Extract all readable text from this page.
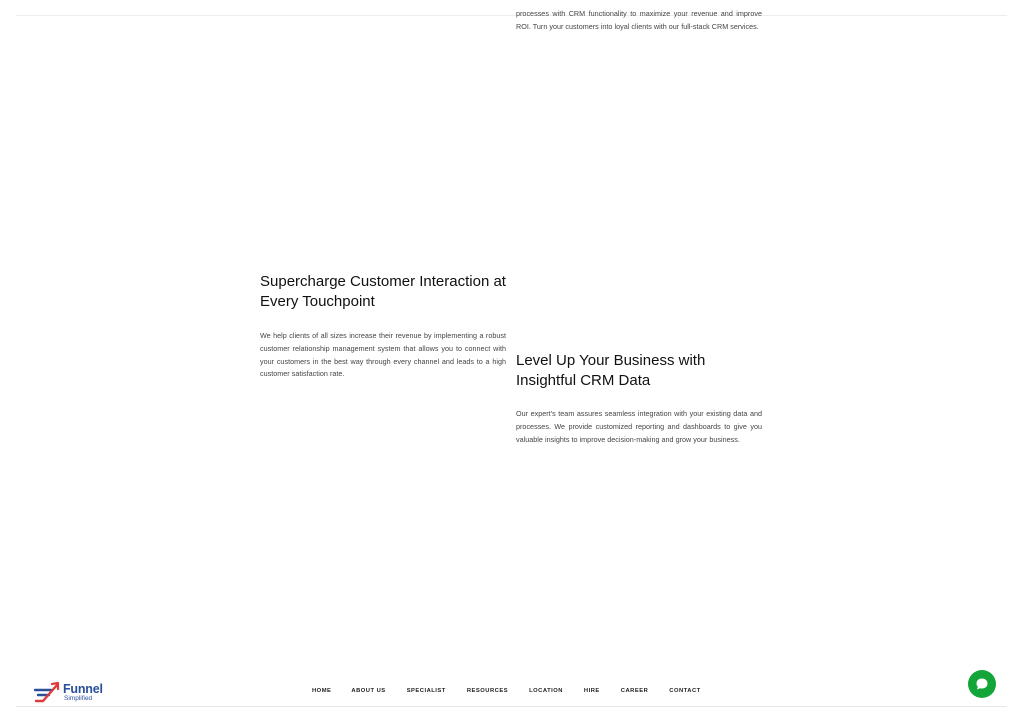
processes with CRM functionality to maximize your revenue and improve ROI. Turn your customers into loyal clients with our full-stack CRM services.

Supercharge Customer Interaction at Every Touchpoint

We help clients of all sizes increase their revenue by implementing a robust customer relationship management system that allows you to connect with your customers in the best way through every channel and leads to a high customer satisfaction rate.

Level Up Your Business with Insightful CRM Data

Our expert's team assures seamless integration with your existing data and processes. We provide customized reporting and dashboards to give you valuable insights to improve decision-making and grow your business.

Funnel
Simplified
HOME	ABOUT US	SPECIALIST	RESOURCES	LOCATION	HIRE	CAREER	CONTACT
